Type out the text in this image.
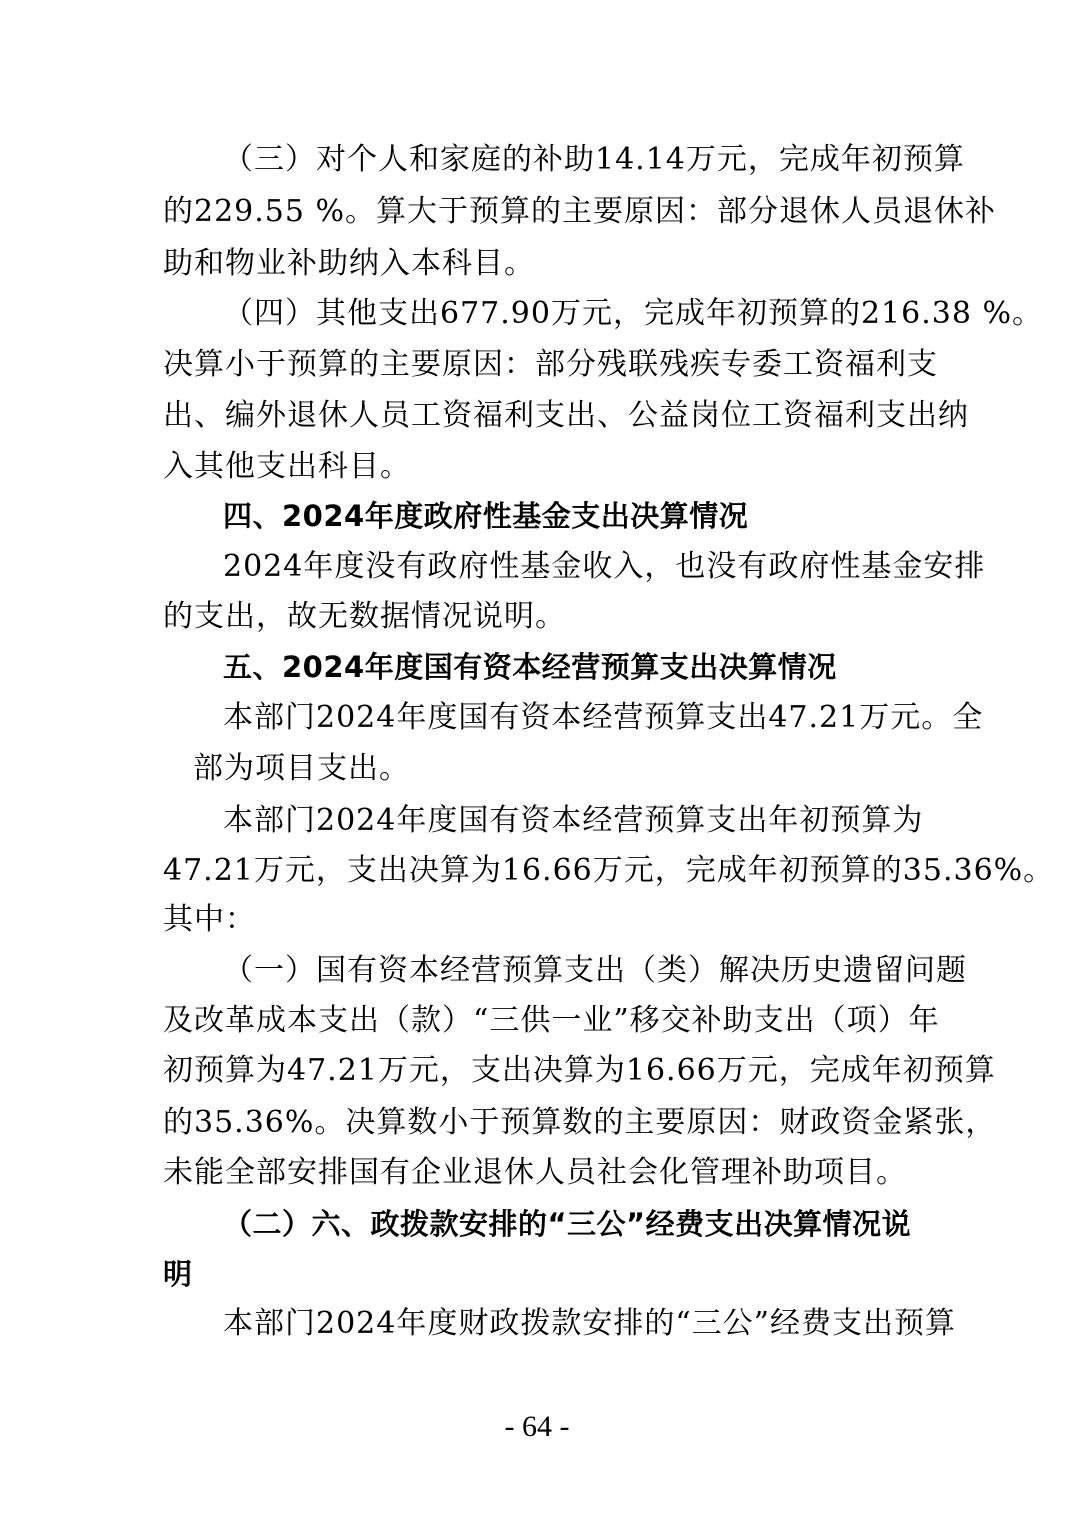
（三）对个人和家庭的补助14.14万元，完成年初预算
的229.55 %。算大于预算的主要原因：部分退休人员退休补
助和物业补助纳入本科目。
（四）其他支出677.90万元，完成年初预算的216.38 %。
决算小于预算的主要原因：部分残联残疾专委工资福利支
出、编外退休人员工资福利支出、公益岗位工资福利支出纳
入其他支出科目。
四、2024年度政府性基金支出决算情况
2024年度没有政府性基金收入，也没有政府性基金安排
的支出，故无数据情况说明。
五、2024年度国有资本经营预算支出决算情况
本部门2024年度国有资本经营预算支出47.21万元。全
部为项目支出。
本部门2024年度国有资本经营预算支出年初预算为
47.21万元，支出决算为16.66万元，完成年初预算的35.36%。
其中：
（一）国有资本经营预算支出（类）解决历史遗留问题
及改革成本支出（款）“三供一业”移交补助支出（项）年
初预算为47.21万元，支出决算为16.66万元，完成年初预算
的35.36%。决算数小于预算数的主要原因：财政资金紧张，
未能全部安排国有企业退休人员社会化管理补助项目。
（二）六、政拨款安排的“三公”经费支出决算情况说
明
本部门2024年度财政拨款安排的“三公”经费支出预算
- 64 -
